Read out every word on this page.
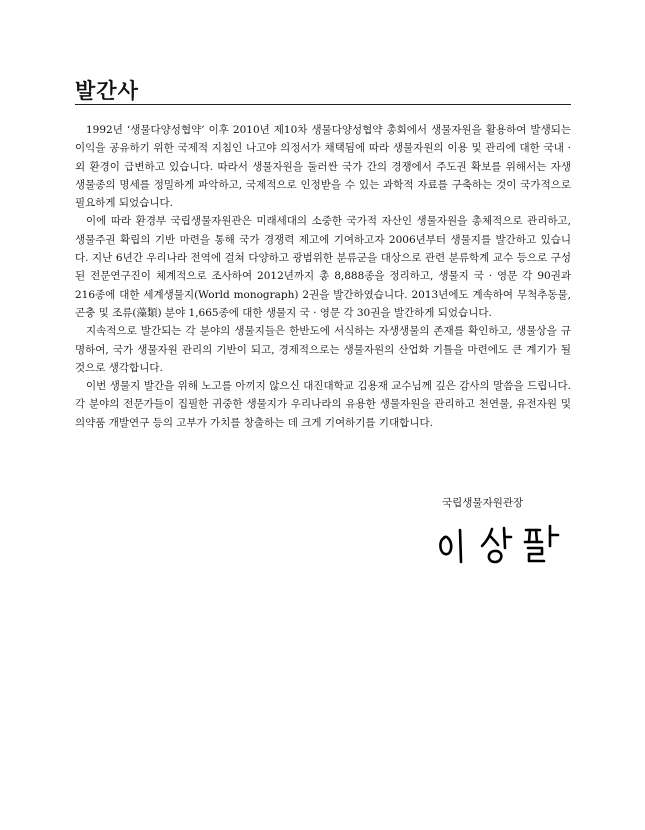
발간사

1992년 ‘생물다양성협약’ 이후 2010년 제10차 생물다양성협약 총회에서 생물자원을 활용하여 발생되는 이익을 공유하기 위한 국제적 지침인 나고야 의정서가 채택됨에 따라 생물자원의 이용 및 관리에 대한 국내 · 외 환경이 급변하고 있습니다. 따라서 생물자원을 둘러싼 국가 간의 경쟁에서 주도권 확보를 위해서는 자생 생물종의 명세를 정밀하게 파악하고, 국제적으로 인정받을 수 있는 과학적 자료를 구축하는 것이 국가적으로 필요하게 되었습니다.

이에 따라 환경부 국립생물자원관은 미래세대의 소중한 국가적 자산인 생물자원을 총체적으로 관리하고, 생물주권 확립의 기반 마련을 통해 국가 경쟁력 제고에 기여하고자 2006년부터 생물지를 발간하고 있습니다. 지난 6년간 우리나라 전역에 걸쳐 다양하고 광범위한 분류군을 대상으로 관련 분류학계 교수 등으로 구성된 전문연구진이 체계적으로 조사하여 2012년까지 총 8,888종을 정리하고, 생물지 국 · 영문 각 90권과 216종에 대한 세계생물지(World monograph) 2권을 발간하였습니다. 2013년에도 계속하여 무척추동물, 곤충 및 조류(藻類) 분야 1,665종에 대한 생물지 국 · 영문 각 30권을 발간하게 되었습니다.

지속적으로 발간되는 각 분야의 생물지들은 한반도에 서식하는 자생생물의 존재를 확인하고, 생물상을 규명하여, 국가 생물자원 관리의 기반이 되고, 경제적으로는 생물자원의 산업화 기틀을 마련에도 큰 계기가 될 것으로 생각합니다.

이번 생물지 발간을 위해 노고를 아끼지 않으신 대진대학교 김용재 교수님께 깊은 감사의 말씀을 드립니다. 각 분야의 전문가들이 집필한 귀중한 생물지가 우리나라의 유용한 생물자원을 관리하고 천연물, 유전자원 및 의약품 개발연구 등의 고부가 가치를 창출하는 데 크게 기여하기를 기대합니다.

국립생물자원관장
